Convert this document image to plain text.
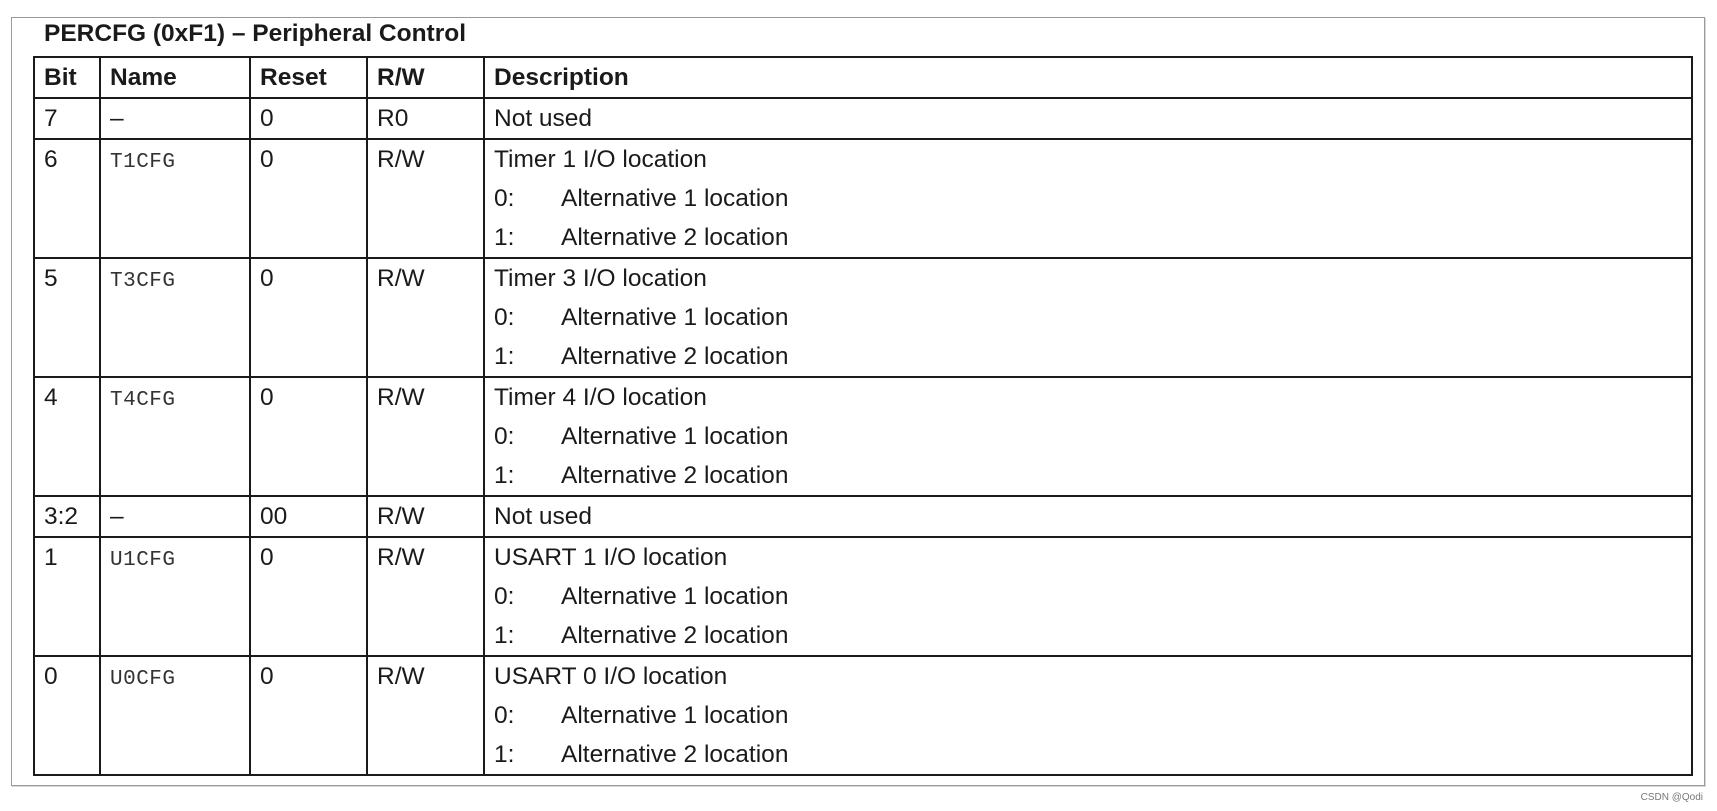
PERCFG (0xF1) – Peripheral Control
Bit	Name	Reset	R/W	Description
7	–	0	R0	Not used

6	T1CFG	0	R/W	Timer 1 I/O location
0: Alternative 1 location
1: Alternative 2 location

5	T3CFG	0	R/W	Timer 3 I/O location
0: Alternative 1 location
1: Alternative 2 location

4	T4CFG	0	R/W	Timer 4 I/O location
0: Alternative 1 location
1: Alternative 2 location

3:2	–	00	R/W	Not used

1	U1CFG	0	R/W	USART 1 I/O location
0: Alternative 1 location
1: Alternative 2 location

0	U0CFG	0	R/W	USART 0 I/O location
0: Alternative 1 location
1: Alternative 2 location
CSDN @Qodi
